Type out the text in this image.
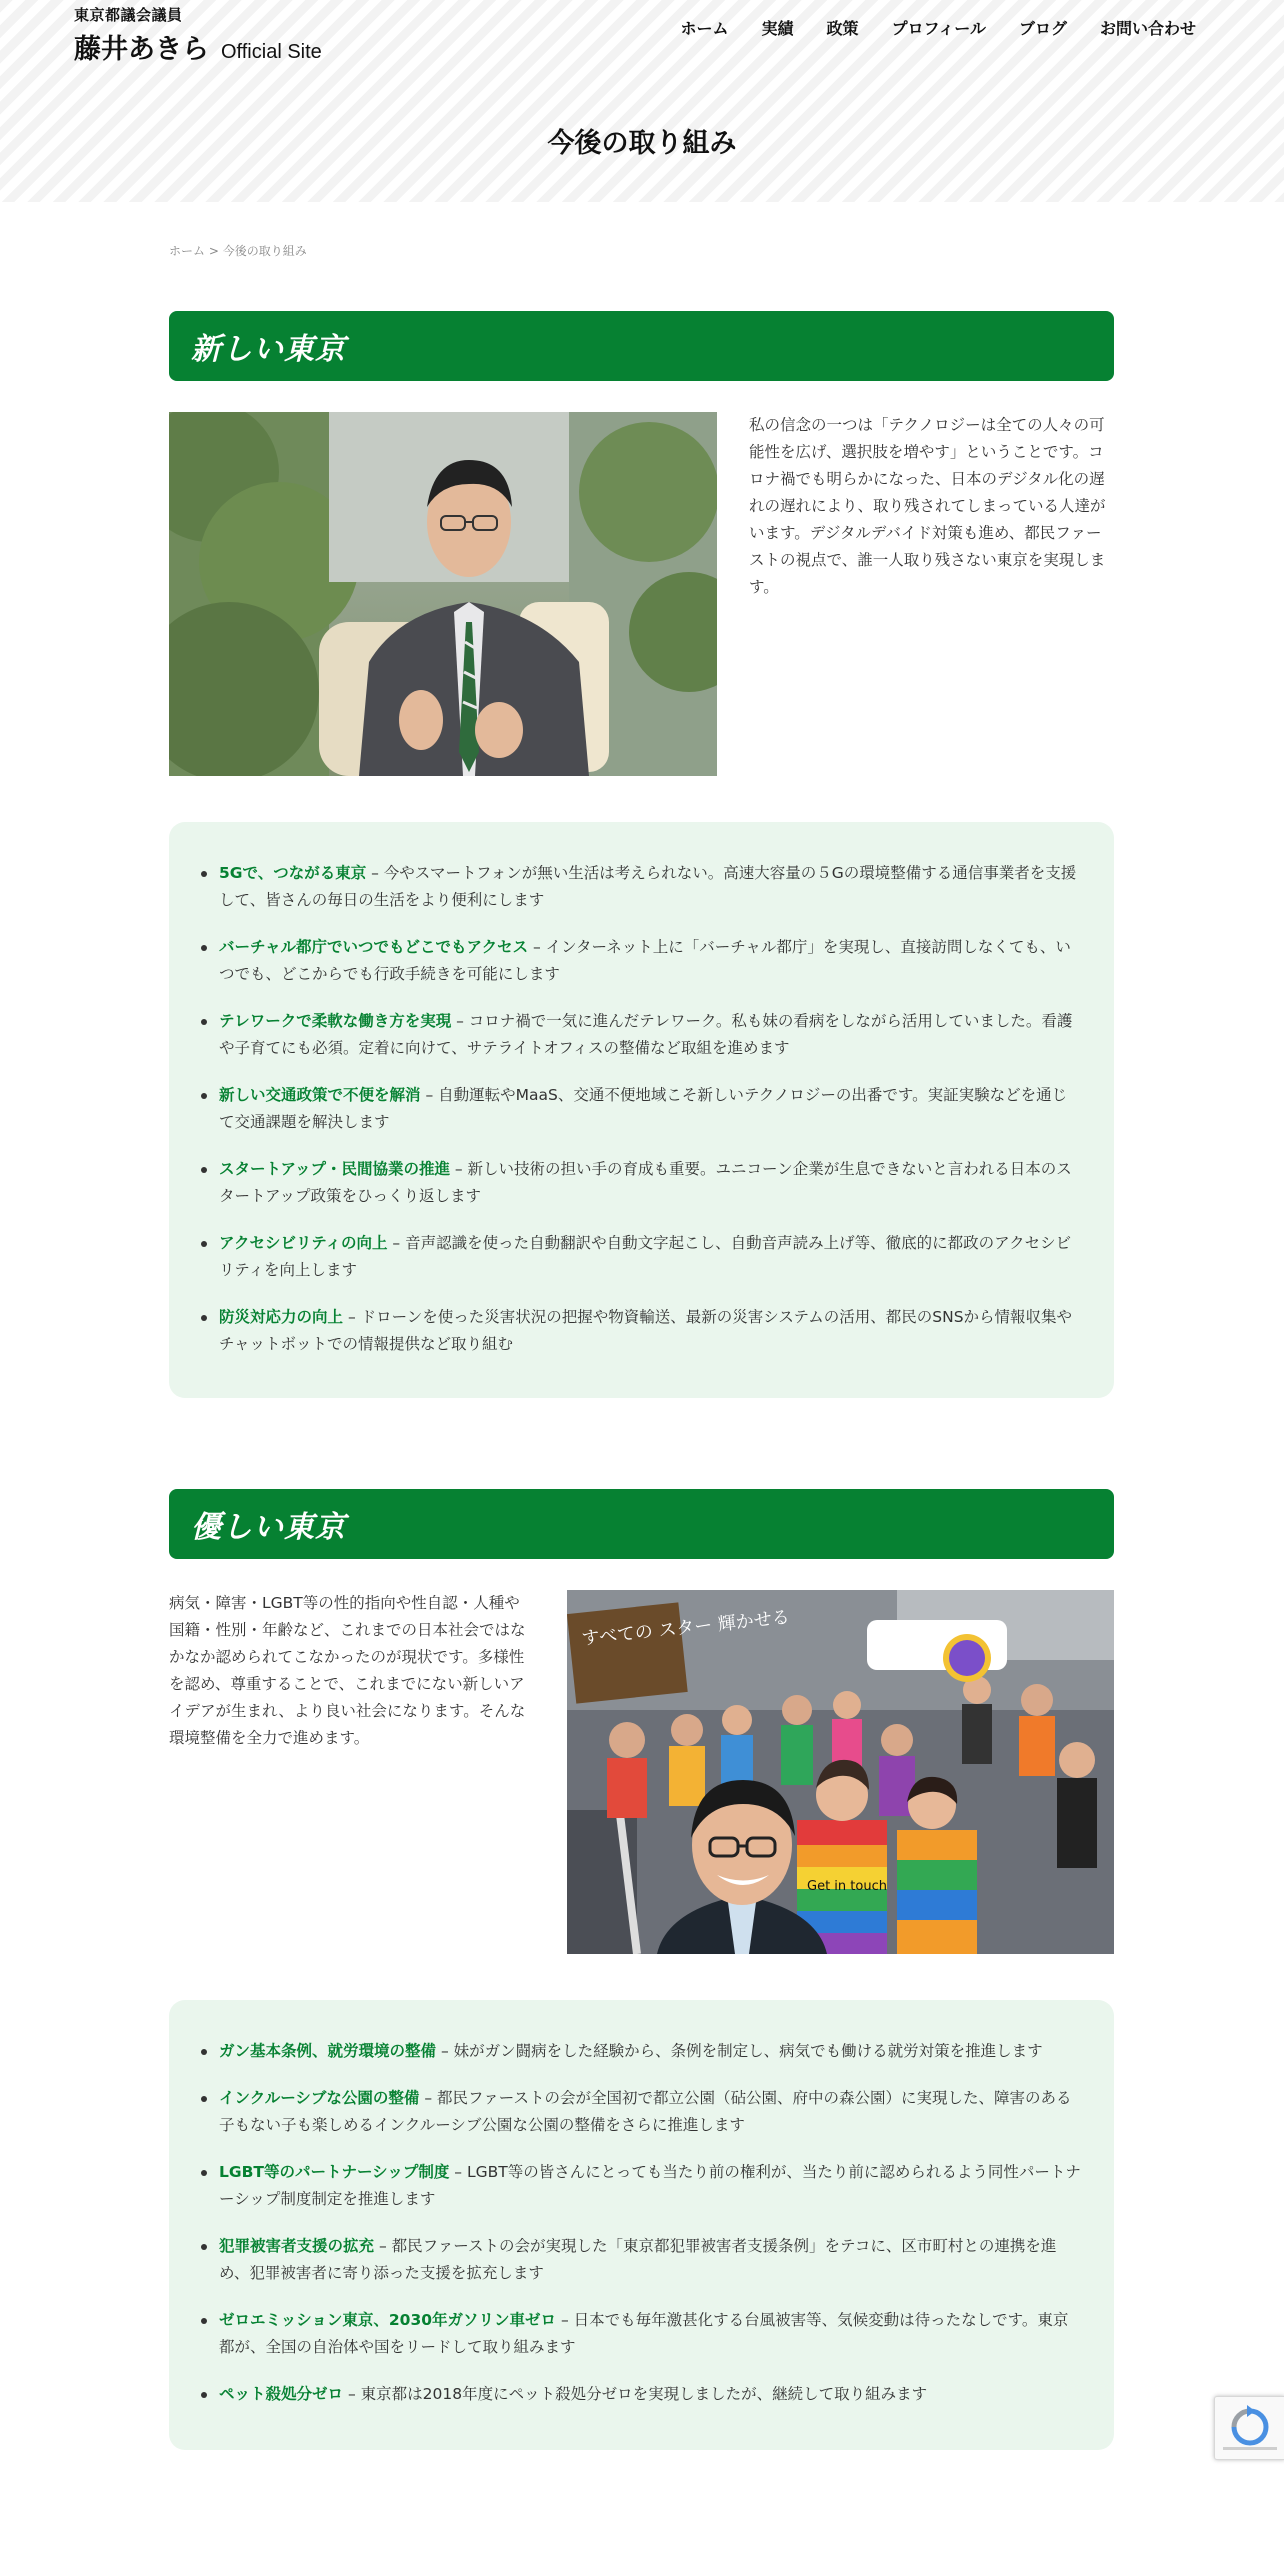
東京都議会議員
藤井あきら Official Site
ホーム 実績 政策 プロフィール ブログ お問い合わせ
今後の取り組み
ホーム > 今後の取り組み
新しい東京
私の信念の一つは「テクノロジーは全ての人々の可能性を広げ、選択肢を増やす」ということです。コロナ禍でも明らかになった、日本のデジタル化の遅れの遅れにより、取り残されてしまっている人達がいます。デジタルデバイド対策も進め、都民ファーストの視点で、誰一人取り残さない東京を実現します。
5Gで、つながる東京 – 今やスマートフォンが無い生活は考えられない。高速大容量の５Gの環境整備する通信事業者を支援して、皆さんの毎日の生活をより便利にします
バーチャル都庁でいつでもどこでもアクセス – インターネット上に「バーチャル都庁」を実現し、直接訪問しなくても、いつでも、どこからでも行政手続きを可能にします
テレワークで柔軟な働き方を実現 – コロナ禍で一気に進んだテレワーク。私も妹の看病をしながら活用していました。看護や子育てにも必須。定着に向けて、サテライトオフィスの整備など取組を進めます
新しい交通政策で不便を解消 – 自動運転やMaaS、交通不便地域こそ新しいテクノロジーの出番です。実証実験などを通じて交通課題を解決します
スタートアップ・民間協業の推進 – 新しい技術の担い手の育成も重要。ユニコーン企業が生息できないと言われる日本のスタートアップ政策をひっくり返します
アクセシビリティの向上 – 音声認識を使った自動翻訳や自動文字起こし、自動音声読み上げ等、徹底的に都政のアクセシビリティを向上します
防災対応力の向上 – ドローンを使った災害状況の把握や物資輸送、最新の災害システムの活用、都民のSNSから情報収集やチャットボットでの情報提供など取り組む
優しい東京
病気・障害・LGBT等の性的指向や性自認・人種や国籍・性別・年齢など、これまでの日本社会ではなかなか認められてこなかったのが現状です。多様性を認め、尊重することで、これまでにない新しいアイデアが生まれ、より良い社会になります。そんな環境整備を全力で進めます。
すべての スター 輝かせる
Get in touch
ガン基本条例、就労環境の整備 – 妹がガン闘病をした経験から、条例を制定し、病気でも働ける就労対策を推進します
インクルーシブな公園の整備 – 都民ファーストの会が全国初で都立公園（砧公園、府中の森公園）に実現した、障害のある子もない子も楽しめるインクルーシブ公園な公園の整備をさらに推進します
LGBT等のパートナーシップ制度 – LGBT等の皆さんにとっても当たり前の権利が、当たり前に認められるよう同性パートナーシップ制度制定を推進します
犯罪被害者支援の拡充 – 都民ファーストの会が実現した「東京都犯罪被害者支援条例」をテコに、区市町村との連携を進め、犯罪被害者に寄り添った支援を拡充します
ゼロエミッション東京、2030年ガソリン車ゼロ – 日本でも毎年激甚化する台風被害等、気候変動は待ったなしです。東京都が、全国の自治体や国をリードして取り組みます
ペット殺処分ゼロ – 東京都は2018年度にペット殺処分ゼロを実現しましたが、継続して取り組みます
